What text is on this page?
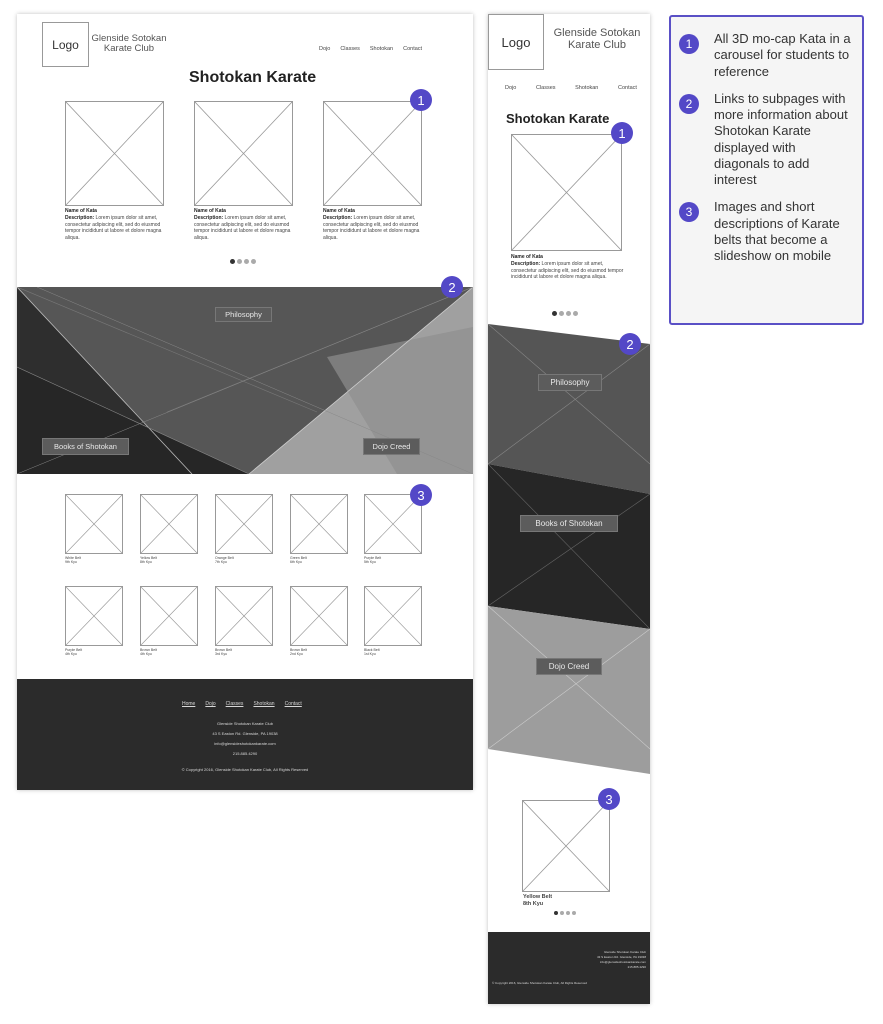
Logo Glenside Sotokan
Karate Club	Dojo Classes Shotokan Contact
Shotokan Karate
Name of Kata
Description: Lorem ipsum dolor sit amet, consectetur adipiscing elit, sed do eiusmod tempor incididunt ut labore et dolore magna aliqua.
Name of Kata
Description: Lorem ipsum dolor sit amet, consectetur adipiscing elit, sed do eiusmod tempor incididunt ut labore et dolore magna aliqua.
Name of Kata
Description: Lorem ipsum dolor sit amet, consectetur adipiscing elit, sed do eiusmod tempor incididunt ut labore et dolore magna aliqua.
Philosophy
Books of Shotokan	Dojo Creed
White Belt
9th Kyu
Yellow Belt
8th Kyu
Orange Belt
7th Kyu
Green Belt
6th Kyu
Purple Belt
5th Kyu
Purple Belt
4th Kyu
Brown Belt
4th Kyu
Brown Belt
3rd Kyu
Brown Belt
2nd Kyu
Black Belt
1st Kyu
Home Dojo Classes Shotokan Contact
Glenside Shotokan Karate Club
43 S Easton Rd. Glenside, PA 19038
info@glensideshotokankarate.com
215.885.4290
© Copyright 2016, Glenside Shotokan Karate Club, All Rights Reserved
1
2
3
Logo
Glenside Sotokan
Karate Club
Dojo	Classes	Shotokan	Contact
Shotokan Karate
Name of Kata
Description: Lorem ipsum dolor sit amet, consectetur adipiscing elit, sed do eiusmod tempor incididunt ut labore et dolore magna aliqua.
Philosophy
Books of Shotokan
Dojo Creed
Yellow Belt
8th Kyu
Glenside Shotokan Karate Club
43 S Easton Rd. Glenside, PA 19038
info@glensideshotokankarate.com
215.885.4290
© Copyright 2016, Glenside Shotokan Karate Club, All Rights Reserved
1
2
3
1	All 3D mo-cap Kata in a carousel for students to reference
2	Links to subpages with more information about Shotokan Karate displayed with diagonals to add interest
3	Images and short descriptions of Karate belts that become a slideshow on mobile
